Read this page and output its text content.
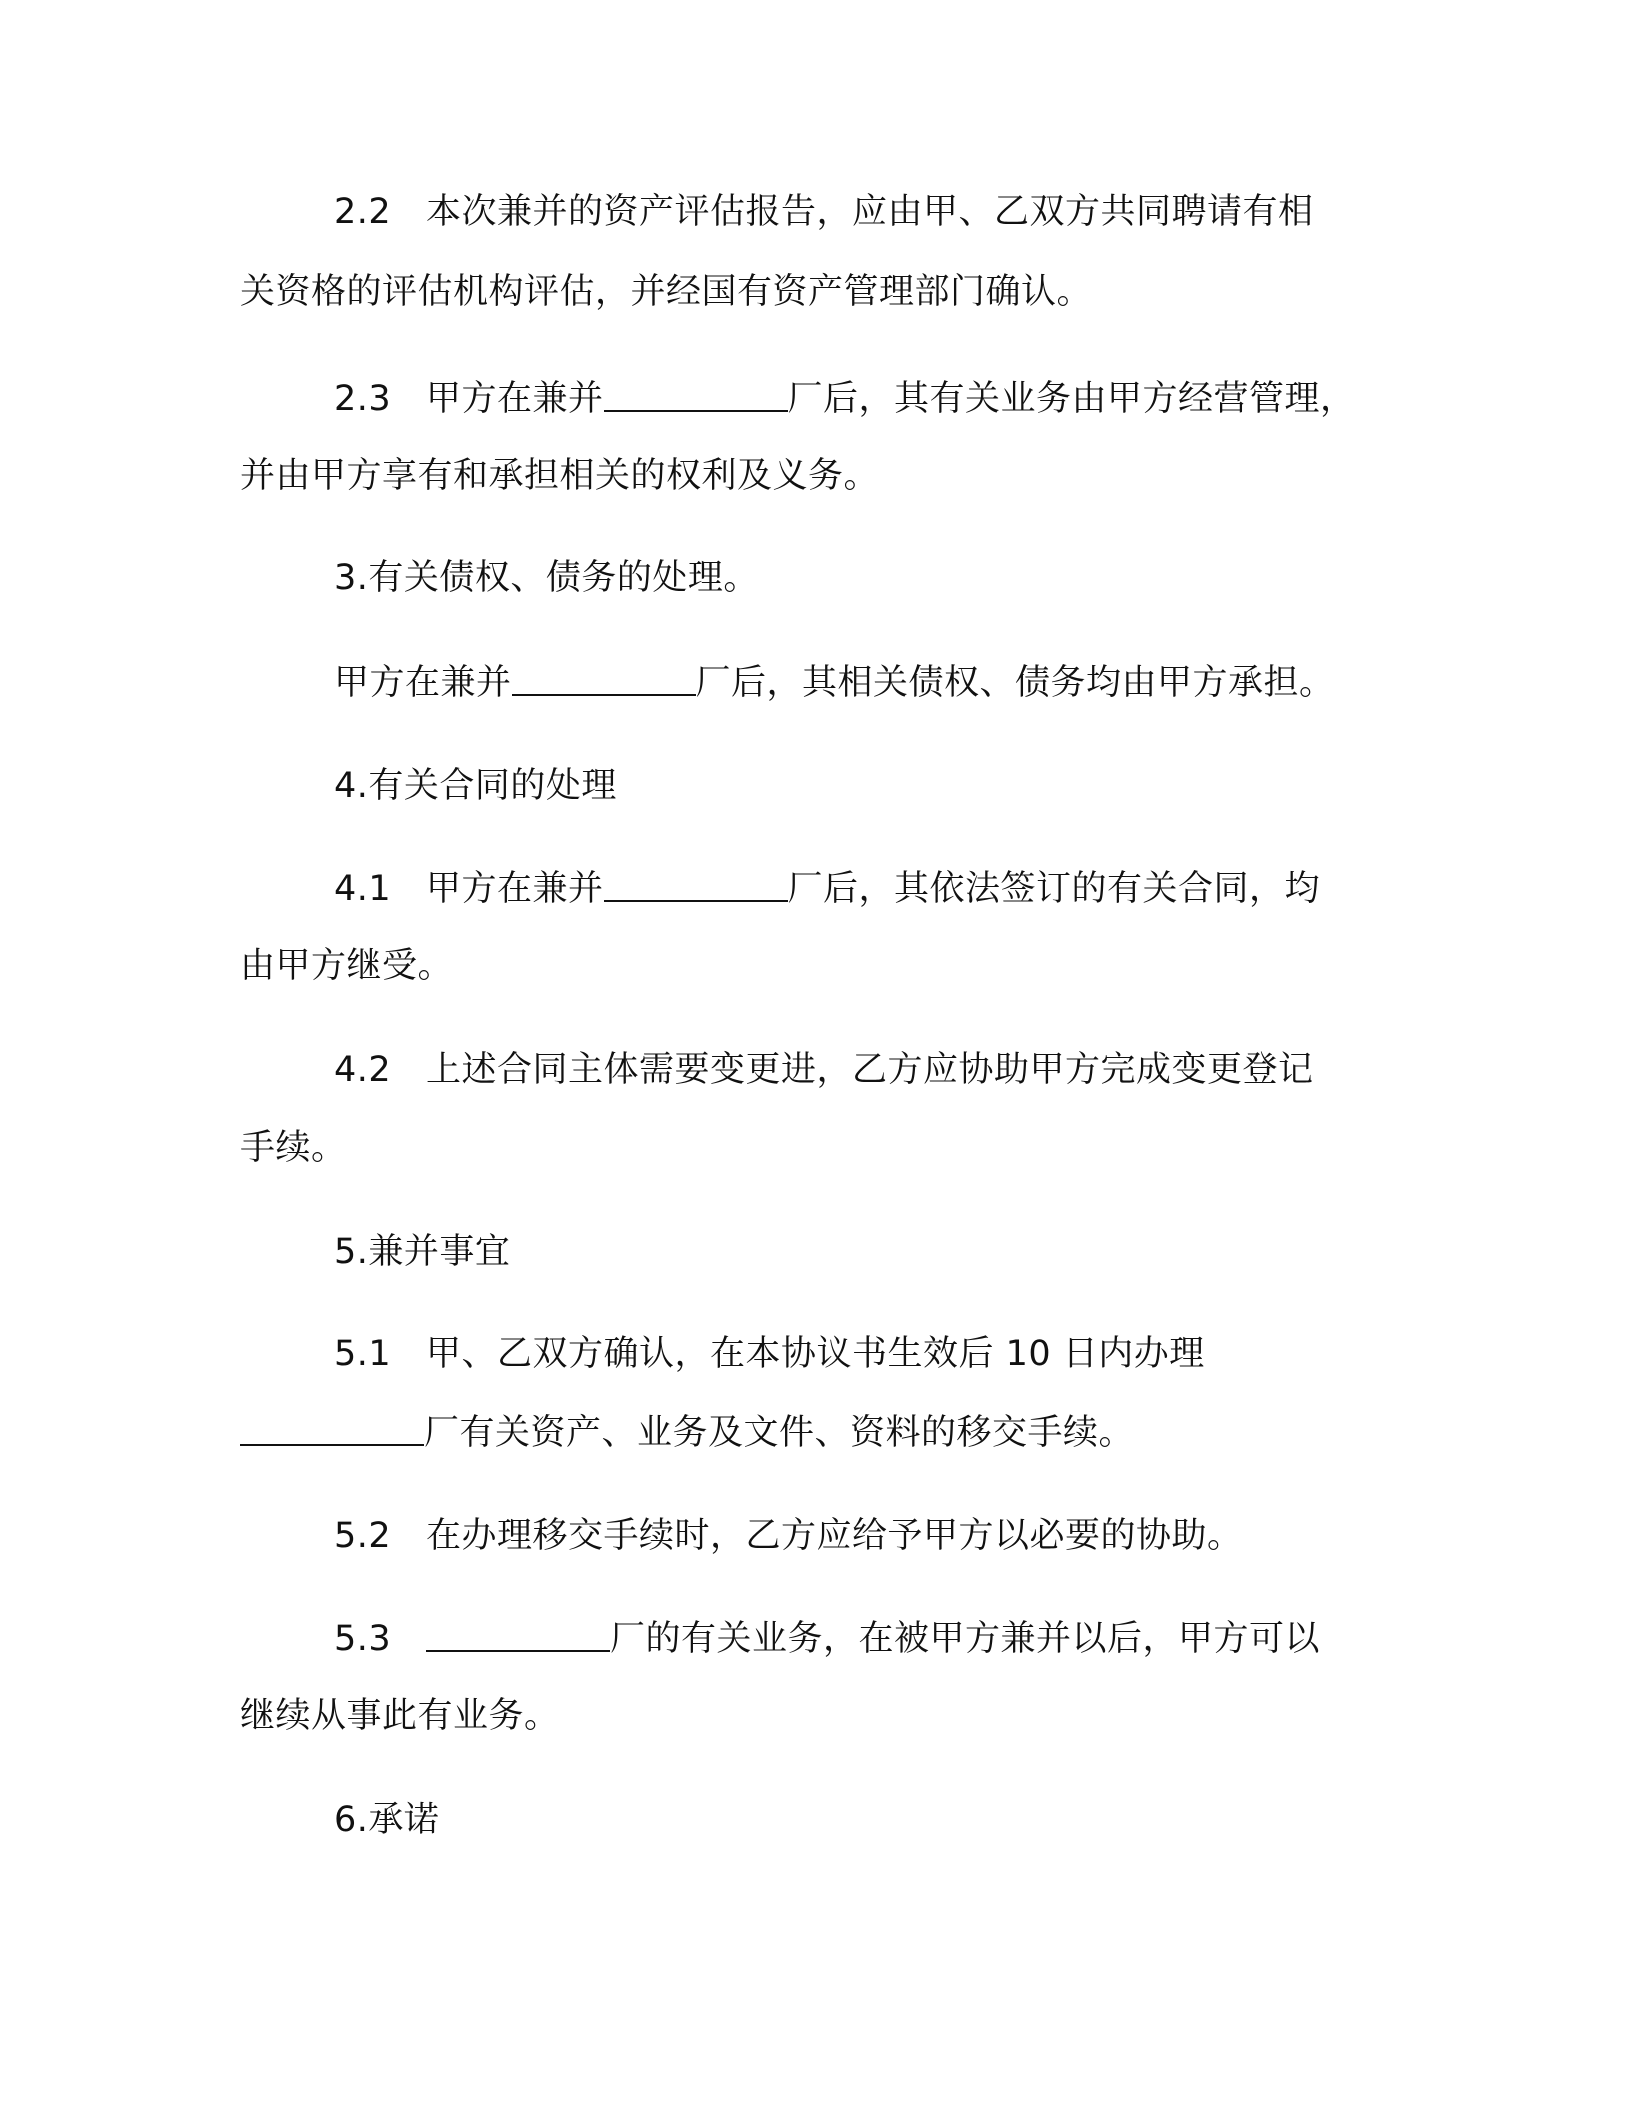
2.2 本次兼并的资产评估报告，应由甲、乙双方共同聘请有相
关资格的评估机构评估，并经国有资产管理部门确认。
2.3 甲方在兼并	厂后，其有关业务由甲方经营管理，
并由甲方享有和承担相关的权利及义务。
3.有关债权、债务的处理。
甲方在兼并	厂后，其相关债权、债务均由甲方承担。
4.有关合同的处理
4.1 甲方在兼并	厂后，其依法签订的有关合同，均
由甲方继受。
4.2 上述合同主体需要变更进，乙方应协助甲方完成变更登记
手续。
5.兼并事宜
5.1 甲、乙双方确认，在本协议书生效后 10 日内办理
厂有关资产、业务及文件、资料的移交手续。
5.2 在办理移交手续时，乙方应给予甲方以必要的协助。
5.3	厂的有关业务，在被甲方兼并以后，甲方可以
继续从事此有业务。
6.承诺
